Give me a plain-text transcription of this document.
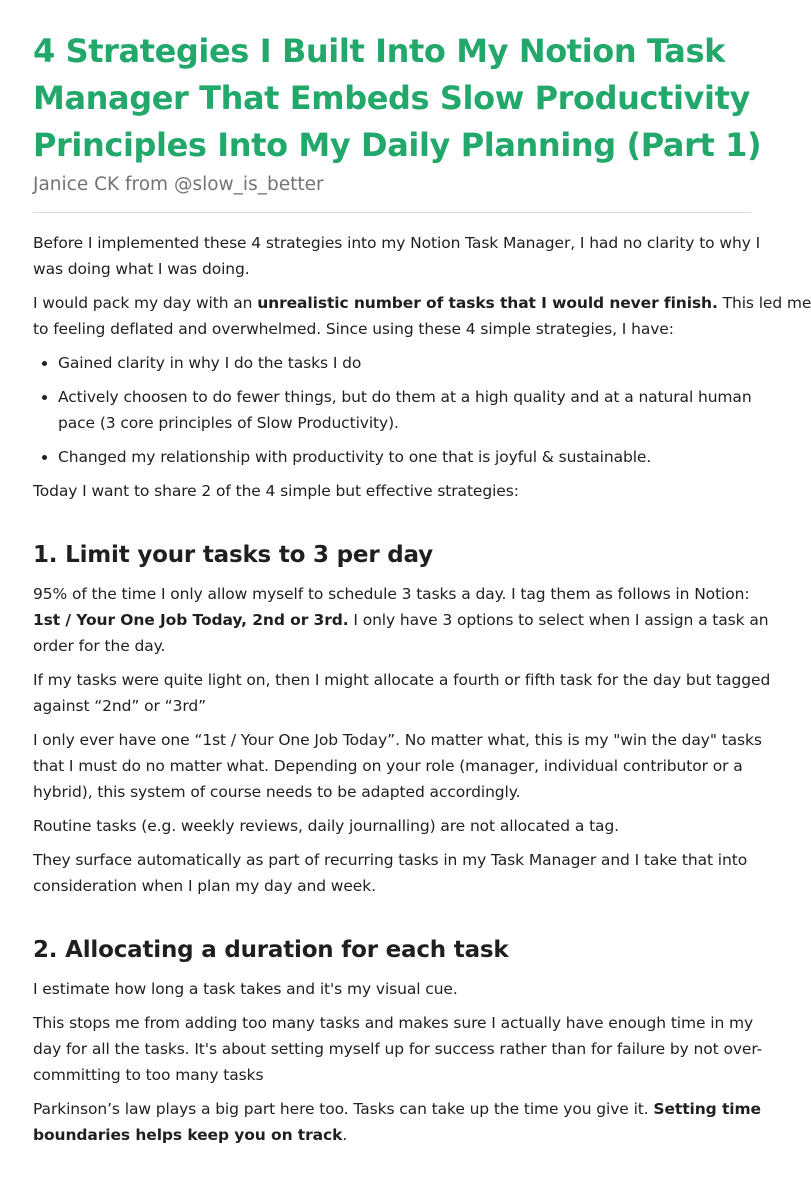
4 Strategies I Built Into My Notion Task
Manager That Embeds Slow Productivity
Principles Into My Daily Planning (Part 1)
Janice CK from @slow_is_better

Before I implemented these 4 strategies into my Notion Task Manager, I had no clarity to why I
was doing what I was doing.

I would pack my day with an unrealistic number of tasks that I would never finish. This led me
to feeling deflated and overwhelmed. Since using these 4 simple strategies, I have:

• Gained clarity in why I do the tasks I do
• Actively choosen to do fewer things, but do them at a high quality and at a natural human
pace (3 core principles of Slow Productivity).
• Changed my relationship with productivity to one that is joyful & sustainable.

Today I want to share 2 of the 4 simple but effective strategies:

1. Limit your tasks to 3 per day

95% of the time I only allow myself to schedule 3 tasks a day. I tag them as follows in Notion:
1st / Your One Job Today, 2nd or 3rd. I only have 3 options to select when I assign a task an
order for the day.

If my tasks were quite light on, then I might allocate a fourth or fifth task for the day but tagged
against “2nd” or “3rd”

I only ever have one “1st / Your One Job Today”. No matter what, this is my "win the day" tasks
that I must do no matter what. Depending on your role (manager, individual contributor or a
hybrid), this system of course needs to be adapted accordingly.

Routine tasks (e.g. weekly reviews, daily journalling) are not allocated a tag.

They surface automatically as part of recurring tasks in my Task Manager and I take that into
consideration when I plan my day and week.

2. Allocating a duration for each task

I estimate how long a task takes and it's my visual cue.

This stops me from adding too many tasks and makes sure I actually have enough time in my
day for all the tasks. It's about setting myself up for success rather than for failure by not over-
committing to too many tasks

Parkinson’s law plays a big part here too. Tasks can take up the time you give it. Setting time
boundaries helps keep you on track.
